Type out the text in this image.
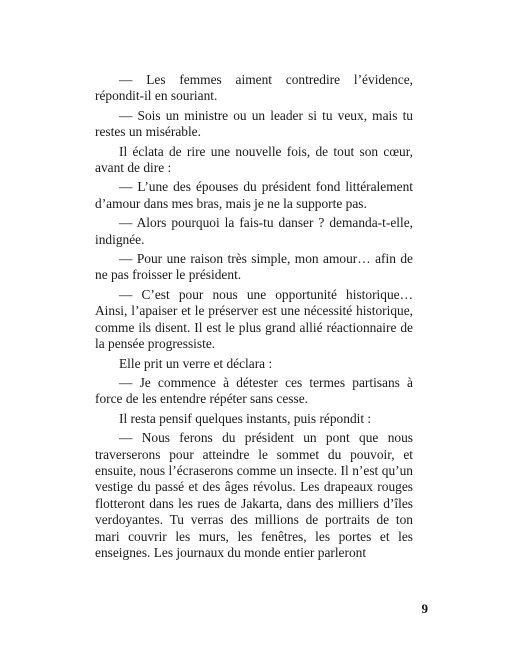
— Les femmes aiment contredire l’évidence, répondit-il en souriant.

— Sois un ministre ou un leader si tu veux, mais tu restes un misérable.

Il éclata de rire une nouvelle fois, de tout son cœur, avant de dire :

— L’une des épouses du président fond littéralement d’amour dans mes bras, mais je ne la supporte pas.

— Alors pourquoi la fais-tu danser ? demanda-t-elle, indignée.

— Pour une raison très simple, mon amour… afin de ne pas froisser le président.

— C’est pour nous une opportunité historique… Ainsi, l’apaiser et le préserver est une nécessité historique, comme ils disent. Il est le plus grand allié réactionnaire de la pensée progressiste.

Elle prit un verre et déclara :

— Je commence à détester ces termes partisans à force de les entendre répéter sans cesse.

Il resta pensif quelques instants, puis répondit :

— Nous ferons du président un pont que nous traverserons pour atteindre le sommet du pouvoir, et ensuite, nous l’écraserons comme un insecte. Il n’est qu’un vestige du passé et des âges révolus. Les drapeaux rouges flotteront dans les rues de Jakarta, dans des milliers d’îles verdoyantes. Tu verras des millions de portraits de ton mari couvrir les murs, les fenêtres, les portes et les enseignes. Les journaux du monde entier parleront

9
